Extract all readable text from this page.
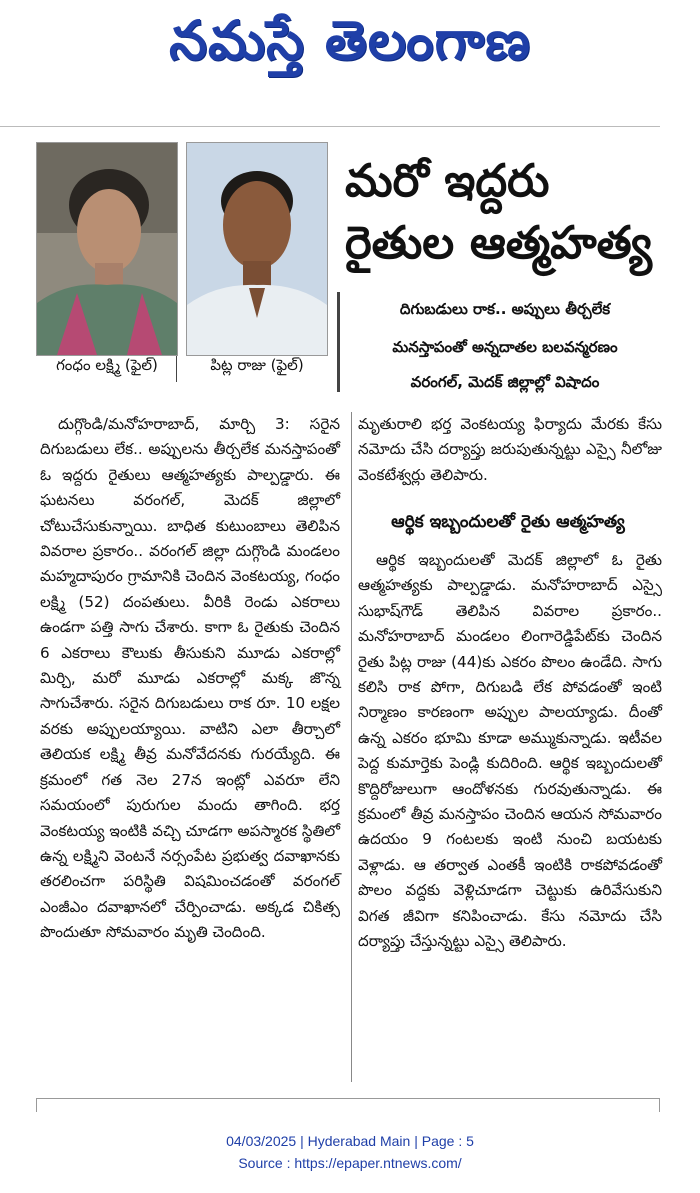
నమస్తే తెలంగాణ
గంధం లక్ష్మి (ఫైల్)	పిట్ల రాజు (ఫైల్)
మరో ఇద్దరు
రైతుల ఆత్మహత్య
దిగుబడులు రాక.. అప్పులు తీర్చలేక
మనస్తాపంతో అన్నదాతల బలవన్మరణం
వరంగల్, మెదక్ జిల్లాల్లో విషాదం

దుగ్గొండి/మనోహరాబాద్, మార్చి 3: సరైన దిగుబడులు లేక.. అప్పులను తీర్చలేక మనస్తాపంతో ఓ ఇద్దరు రైతులు ఆత్మహత్యకు పాల్పడ్డారు. ఈ ఘటనలు వరంగల్, మెదక్ జిల్లాలో చోటుచేసుకున్నాయి. బాధిత కుటుంబాలు తెలిపిన వివరాల ప్రకారం.. వరంగల్ జిల్లా దుగ్గొండి మండలం మహ్మదాపురం గ్రామానికి చెందిన వెంకటయ్య, గంధం లక్ష్మి (52) దంపతులు. వీరికి రెండు ఎకరాలు ఉండగా పత్తి సాగు చేశారు. కాగా ఓ రైతుకు చెందిన 6 ఎకరాలు కౌలుకు తీసుకుని మూడు ఎకరాల్లో మిర్చి, మరో మూడు ఎకరాల్లో మక్క జొన్న సాగుచేశారు. సరైన దిగుబడులు రాక రూ. 10 లక్షల వరకు అప్పులయ్యాయి. వాటిని ఎలా తీర్చాలో తెలియక లక్ష్మి తీవ్ర మనోవేదనకు గురయ్యేది. ఈ క్రమంలో గత నెల 27న ఇంట్లో ఎవరూ లేని సమయంలో పురుగుల మందు తాగింది. భర్త వెంకటయ్య ఇంటికి వచ్చి చూడగా అపస్మారక స్థితిలో ఉన్న లక్ష్మిని వెంటనే నర్సంపేట ప్రభుత్వ దవాఖానకు తరలించగా పరిస్థితి విషమించడంతో వరంగల్ ఎంజీఎం దవాఖానలో చేర్పించాడు. అక్కడ చికిత్స పొందుతూ సోమవారం మృతి చెందింది.

మృతురాలి భర్త వెంకటయ్య ఫిర్యాదు మేరకు కేసు నమోదు చేసి దర్యాప్తు జరుపుతున్నట్టు ఎస్సై నీలోజు వెంకటేశ్వర్లు తెలిపారు.

ఆర్థిక ఇబ్బందులతో రైతు ఆత్మహత్య

ఆర్థిక ఇబ్బందులతో మెదక్ జిల్లాలో ఓ రైతు ఆత్మహత్యకు పాల్పడ్డాడు. మనోహరాబాద్ ఎస్సై సుభాష్‌గౌడ్ తెలిపిన వివరాల ప్రకారం.. మనోహరాబాద్ మండలం లింగారెడ్డిపేట్‌కు చెందిన రైతు పిట్ల రాజు (44)కు ఎకరం పొలం ఉండేది. సాగు కలిసి రాక పోగా, దిగుబడి లేక పోవడంతో ఇంటి నిర్మాణం కారణంగా అప్పుల పాలయ్యాడు. దీంతో ఉన్న ఎకరం భూమి కూడా అమ్ముకున్నాడు. ఇటీవల పెద్ద కుమార్తెకు పెండ్లి కుదిరింది. ఆర్థిక ఇబ్బందులతో కొద్దిరోజులుగా ఆందోళనకు గురవుతున్నాడు. ఈ క్రమంలో తీవ్ర మనస్తాపం చెందిన ఆయన సోమవారం ఉదయం 9 గంటలకు ఇంటి నుంచి బయటకు వెళ్లాడు. ఆ తర్వాత ఎంతకీ ఇంటికి రాకపోవడంతో పొలం వద్దకు వెళ్లిచూడగా చెట్టుకు ఉరివేసుకుని విగత జీవిగా కనిపించాడు. కేసు నమోదు చేసి దర్యాప్తు చేస్తున్నట్టు ఎస్సై తెలిపారు.

04/03/2025 | Hyderabad Main | Page : 5
Source : https://epaper.ntnews.com/
